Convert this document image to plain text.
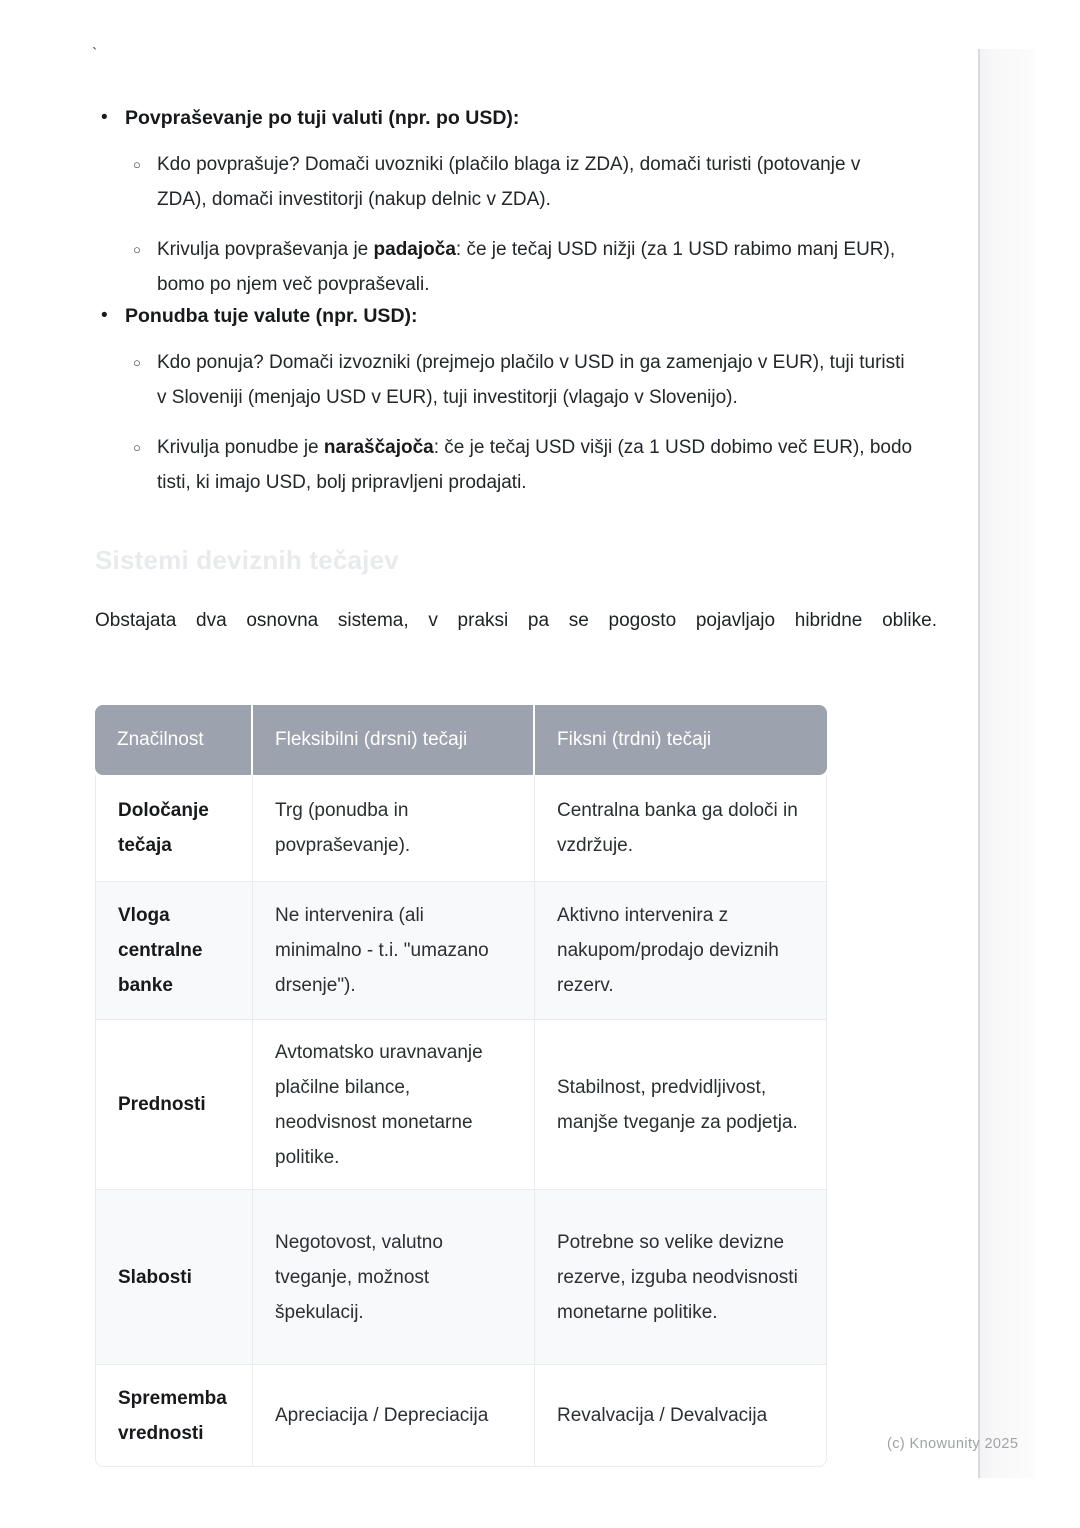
`
• Povpraševanje po tuji valuti (npr. po USD):
○ Kdo povprašuje? Domači uvozniki (plačilo blaga iz ZDA), domači turisti (potovanje v ZDA), domači investitorji (nakup delnic v ZDA).

○ Krivulja povpraševanja je padajoča: če je tečaj USD nižji (za 1 USD rabimo manj EUR), bomo po njem več povpraševali.

• Ponudba tuje valute (npr. USD):
○ Kdo ponuja? Domači izvozniki (prejmejo plačilo v USD in ga zamenjajo v EUR), tuji turisti v Sloveniji (menjajo USD v EUR), tuji investitorji (vlagajo v Slovenijo).

○ Krivulja ponudbe je naraščajoča: če je tečaj USD višji (za 1 USD dobimo več EUR), bodo tisti, ki imajo USD, bolj pripravljeni prodajati.

Sistemi deviznih tečajev

Obstajata dva osnovna sistema, v praksi pa se pogosto pojavljajo hibridne oblike.

Značilnost	Fleksibilni (drsni) tečaji	Fiksni (trdni) tečaji
Določanje tečaja	Trg (ponudba in povpraševanje).	Centralna banka ga določi in vzdržuje.
Vloga centralne banke	Ne intervenira (ali minimalno - t.i. "umazano drsenje").	Aktivno intervenira z nakupom/prodajo deviznih rezerv.
Prednosti	Avtomatsko uravnavanje plačilne bilance, neodvisnost monetarne politike.	Stabilnost, predvidljivost, manjše tveganje za podjetja.
Slabosti	Negotovost, valutno tveganje, možnost špekulacij.	Potrebne so velike devizne rezerve, izguba neodvisnosti monetarne politike.
Sprememba vrednosti	Apreciacija / Depreciacija	Revalvacija / Devalvacija
(c) Knowunity 2025
